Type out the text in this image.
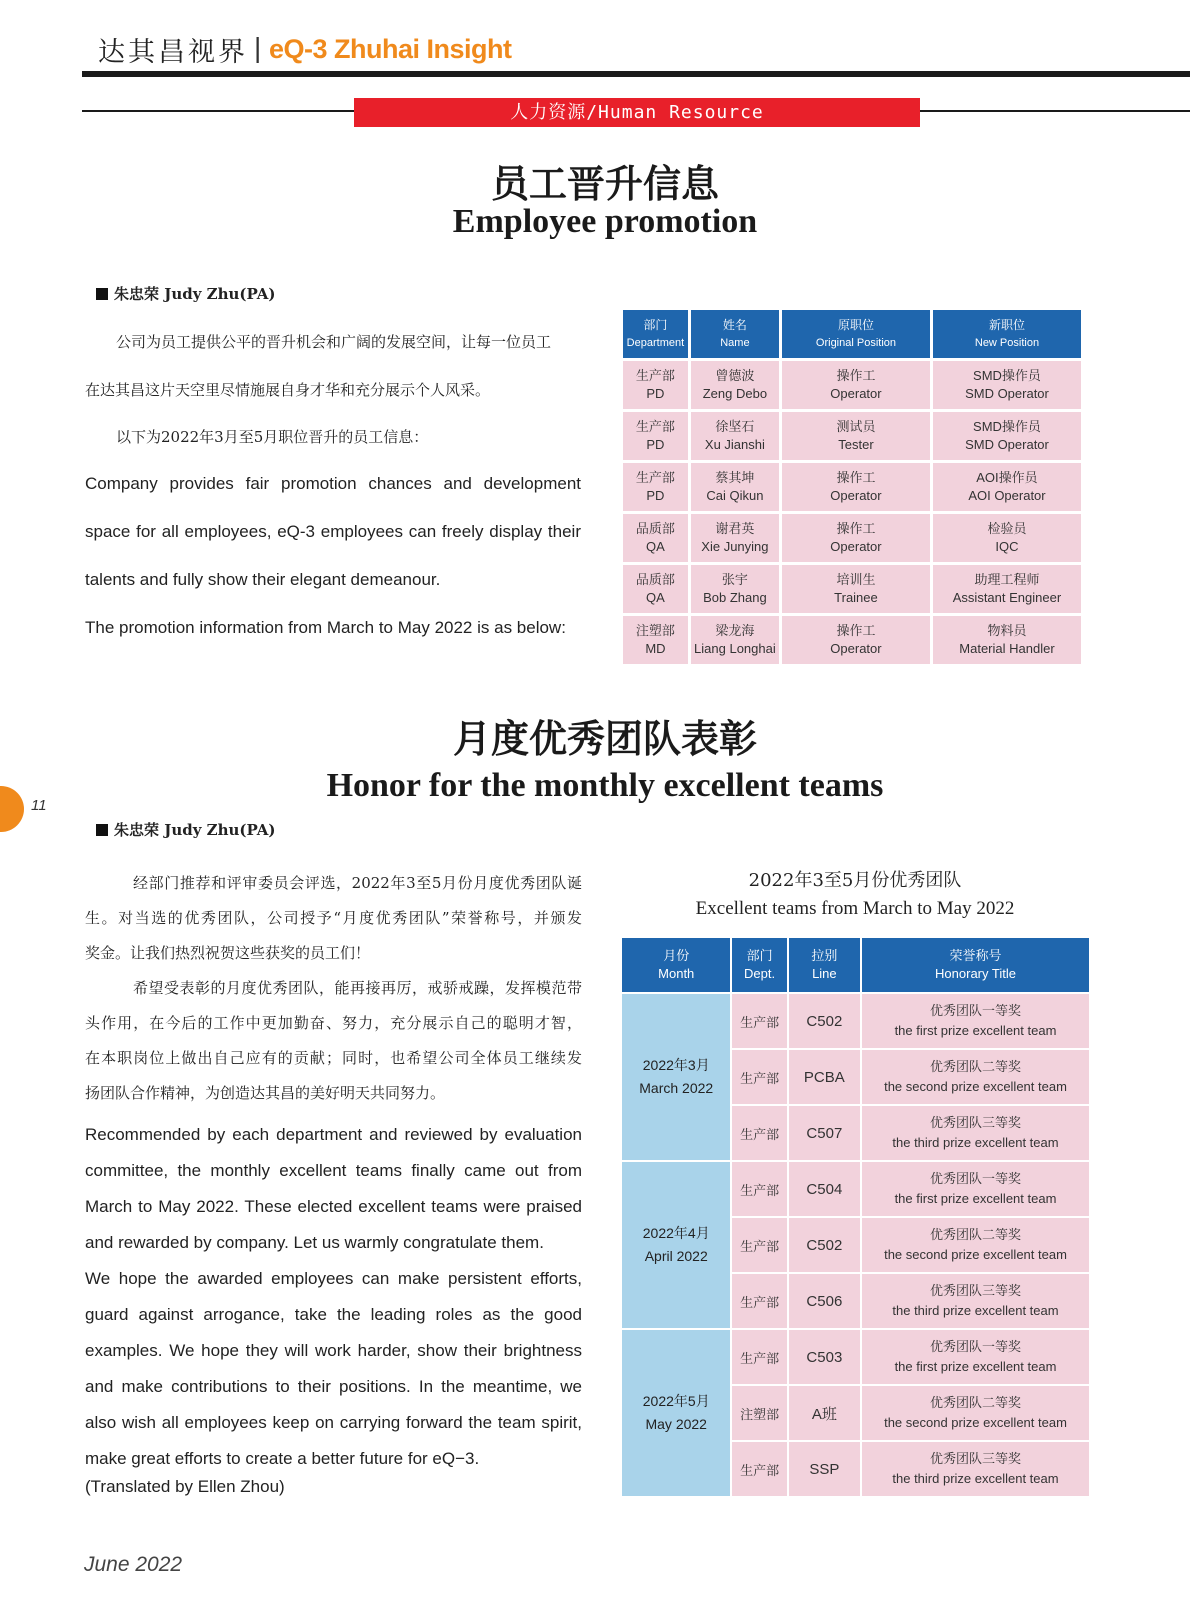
达其昌视界 | eQ-3 Zhuhai Insight
人力资源/Human Resource
员工晋升信息
Employee promotion
朱忠荣 Judy Zhu(PA)
公司为员工提供公平的晋升机会和广阔的发展空间，让每一位员工
在达其昌这片天空里尽情施展自身才华和充分展示个人风采。
以下为2022年3月至5月职位晋升的员工信息：
Company provides fair promotion chances and development
space for all employees, eQ-3 employees can freely display their
talents and fully show their elegant demeanour.
The promotion information from March to May 2022 is as below:
部门
Department	姓名
Name	原职位
Original Position	新职位
New Position

生产部
PD	曾德波
Zeng Debo	操作工
Operator	SMD操作员
SMD Operator

生产部
PD	徐坚石
Xu Jianshi	测试员
Tester	SMD操作员
SMD Operator

生产部
PD	蔡其坤
Cai Qikun	操作工
Operator	AOI操作员
AOI Operator

品质部
QA	谢君英
Xie Junying	操作工
Operator	检验员
IQC

品质部
QA	张宇
Bob Zhang	培训生
Trainee	助理工程师
Assistant Engineer

注塑部
MD	梁龙海
Liang Longhai	操作工
Operator	物料员
Material Handler
月度优秀团队表彰
Honor for the monthly excellent teams
朱忠荣 Judy Zhu(PA)
经部门推荐和评审委员会评选，2022年3至5月份月度优秀团队诞
生。对当选的优秀团队，公司授予“月度优秀团队”荣誉称号，并颁发
奖金。让我们热烈祝贺这些获奖的员工们！
希望受表彰的月度优秀团队，能再接再厉，戒骄戒躁，发挥模范带
头作用，在今后的工作中更加勤奋、努力，充分展示自己的聪明才智，
在本职岗位上做出自己应有的贡献；同时，也希望公司全体员工继续发
扬团队合作精神，为创造达其昌的美好明天共同努力。
Recommended by each department and reviewed by evaluation
committee, the monthly excellent teams finally came out from
March to May 2022. These elected excellent teams were praised
and rewarded by company. Let us warmly congratulate them.
We hope the awarded employees can make persistent efforts,
guard against arrogance, take the leading roles as the good
examples. We hope they will work harder, show their brightness
and make contributions to their positions. In the meantime, we
also wish all employees keep on carrying forward the team spirit,
make great efforts to create a better future for eQ−3.
(Translated by Ellen Zhou)
2022年3至5月份优秀团队
Excellent teams from March to May 2022
月份
Month	部门
Dept.	拉别
Line	荣誉称号
Honorary Title

2022年3月
March 2022	生产部	C502	优秀团队一等奖
the first prize excellent team

	生产部	PCBA	优秀团队二等奖
the second prize excellent team

	生产部	C507	优秀团队三等奖
the third prize excellent team

2022年4月
April 2022	生产部	C504	优秀团队一等奖
the first prize excellent team

	生产部	C502	优秀团队二等奖
the second prize excellent team

	生产部	C506	优秀团队三等奖
the third prize excellent team

2022年5月
May 2022	生产部	C503	优秀团队一等奖
the first prize excellent team

	注塑部	A班	优秀团队二等奖
the second prize excellent team

	生产部	SSP	优秀团队三等奖
the third prize excellent team
11
June 2022
